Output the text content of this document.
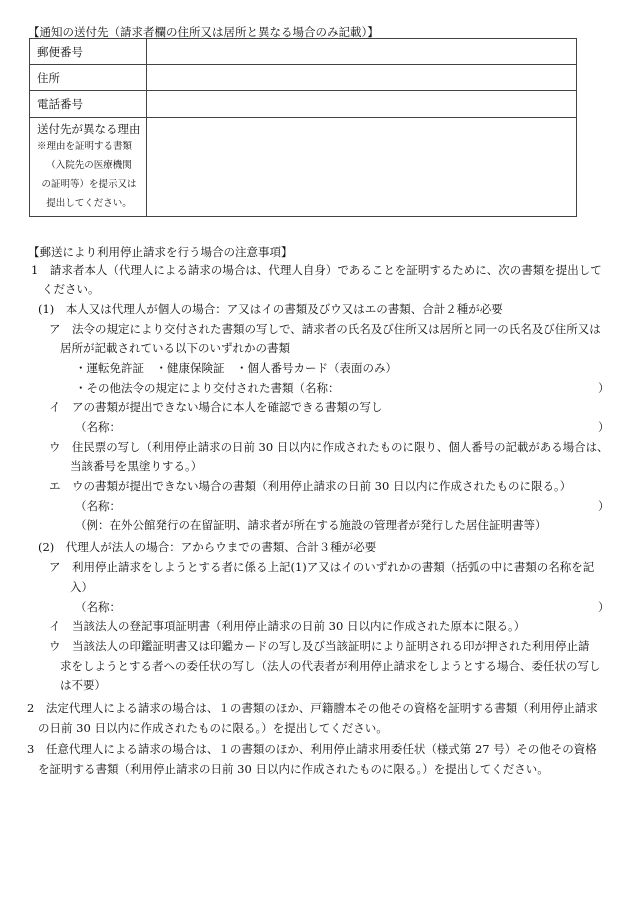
【通知の送付先（請求者欄の住所又は居所と異なる場合のみ記載）】
郵便番号	
住所	
電話番号	

送付先が異なる理由
※理由を証明する書類
（入院先の医療機関
の証明等）を提示又は
提出してください。	

【郵送により利用停止請求を行う場合の注意事項】
1　請求者本人（代理人による請求の場合は、代理人自身）であることを証明するために、次の書類を提出して
ください。
(1)　本人又は代理人が個人の場合：ア又はイの書類及びウ又はエの書類、合計２種が必要
ア　法令の規定により交付された書類の写しで、請求者の氏名及び住所又は居所と同一の氏名及び住所又は
居所が記載されている以下のいずれかの書類
・運転免許証　・健康保険証　・個人番号カード（表面のみ）
・その他法令の規定により交付された書類（名称：	）
イ　アの書類が提出できない場合に本人を確認できる書類の写し
（名称：	）
ウ　住民票の写し（利用停止請求の日前 30 日以内に作成されたものに限り、個人番号の記載がある場合は、
当該番号を黒塗りする。）
エ　ウの書類が提出できない場合の書類（利用停止請求の日前 30 日以内に作成されたものに限る。）
（名称：	）
（例：在外公館発行の在留証明、請求者が所在する施設の管理者が発行した居住証明書等）
(2)　代理人が法人の場合：アからウまでの書類、合計３種が必要
ア　利用停止請求をしようとする者に係る上記(1)ア又はイのいずれかの書類（括弧の中に書類の名称を記
入）
（名称：	）
イ　当該法人の登記事項証明書（利用停止請求の日前 30 日以内に作成された原本に限る。）
ウ　当該法人の印鑑証明書又は印鑑カードの写し及び当該証明により証明される印が押された利用停止請
求をしようとする者への委任状の写し（法人の代表者が利用停止請求をしようとする場合、委任状の写し
は不要）
2　法定代理人による請求の場合は、１の書類のほか、戸籍謄本その他その資格を証明する書類（利用停止請求
の日前 30 日以内に作成されたものに限る。）を提出してください。
3　任意代理人による請求の場合は、１の書類のほか、利用停止請求用委任状（様式第 27 号）その他その資格
を証明する書類（利用停止請求の日前 30 日以内に作成されたものに限る。）を提出してください。
